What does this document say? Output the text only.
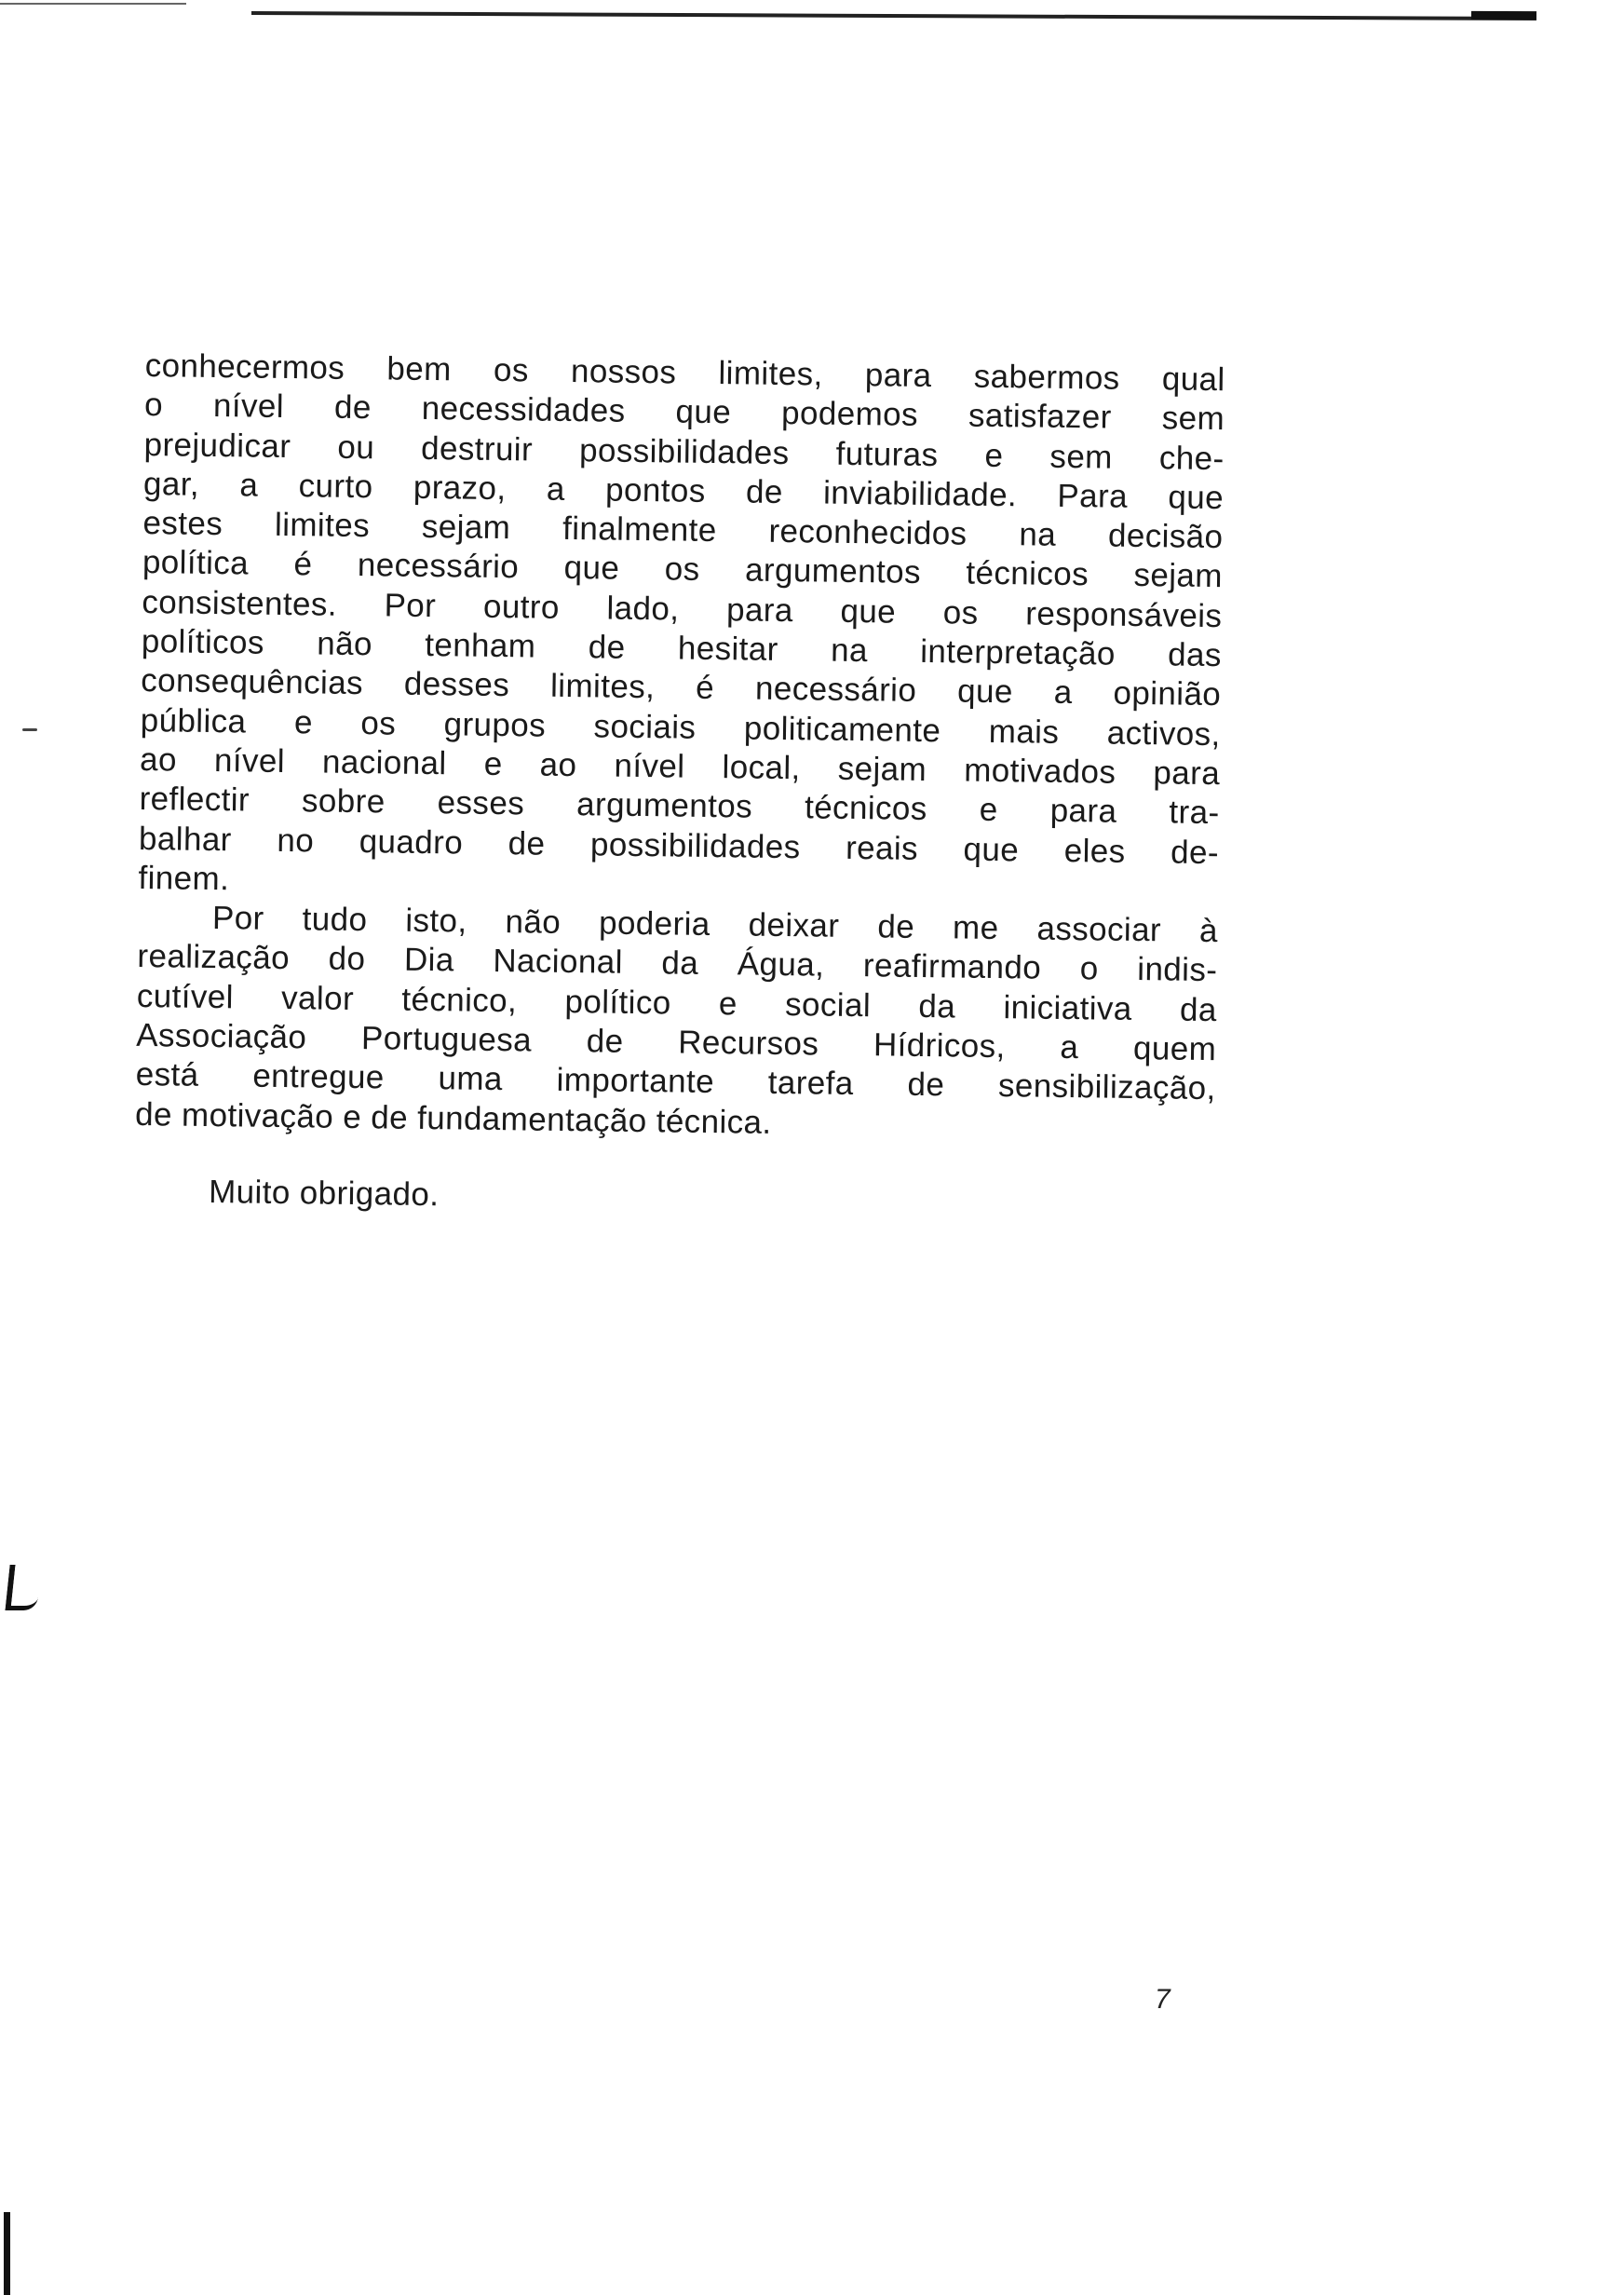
conhecermos bem os nossos limites, para sabermos qual
o nível de necessidades que podemos satisfazer sem
prejudicar ou destruir possibilidades futuras e sem che-
gar, a curto prazo, a pontos de inviabilidade. Para que
estes limites sejam finalmente reconhecidos na decisão
política é necessário que os argumentos técnicos sejam
consistentes. Por outro lado, para que os responsáveis
políticos não tenham de hesitar na interpretação das
consequências desses limites, é necessário que a opinião
pública e os grupos sociais politicamente mais activos,
ao nível nacional e ao nível local, sejam motivados para
reflectir sobre esses argumentos técnicos e para tra-
balhar no quadro de possibilidades reais que eles de-
finem.
Por tudo isto, não poderia deixar de me associar à
realização do Dia Nacional da Água, reafirmando o indis-
cutível valor técnico, político e social da iniciativa da
Associação Portuguesa de Recursos Hídricos, a quem
está entregue uma importante tarefa de sensibilização,
de motivação e de fundamentação técnica.
Muito obrigado.
7
